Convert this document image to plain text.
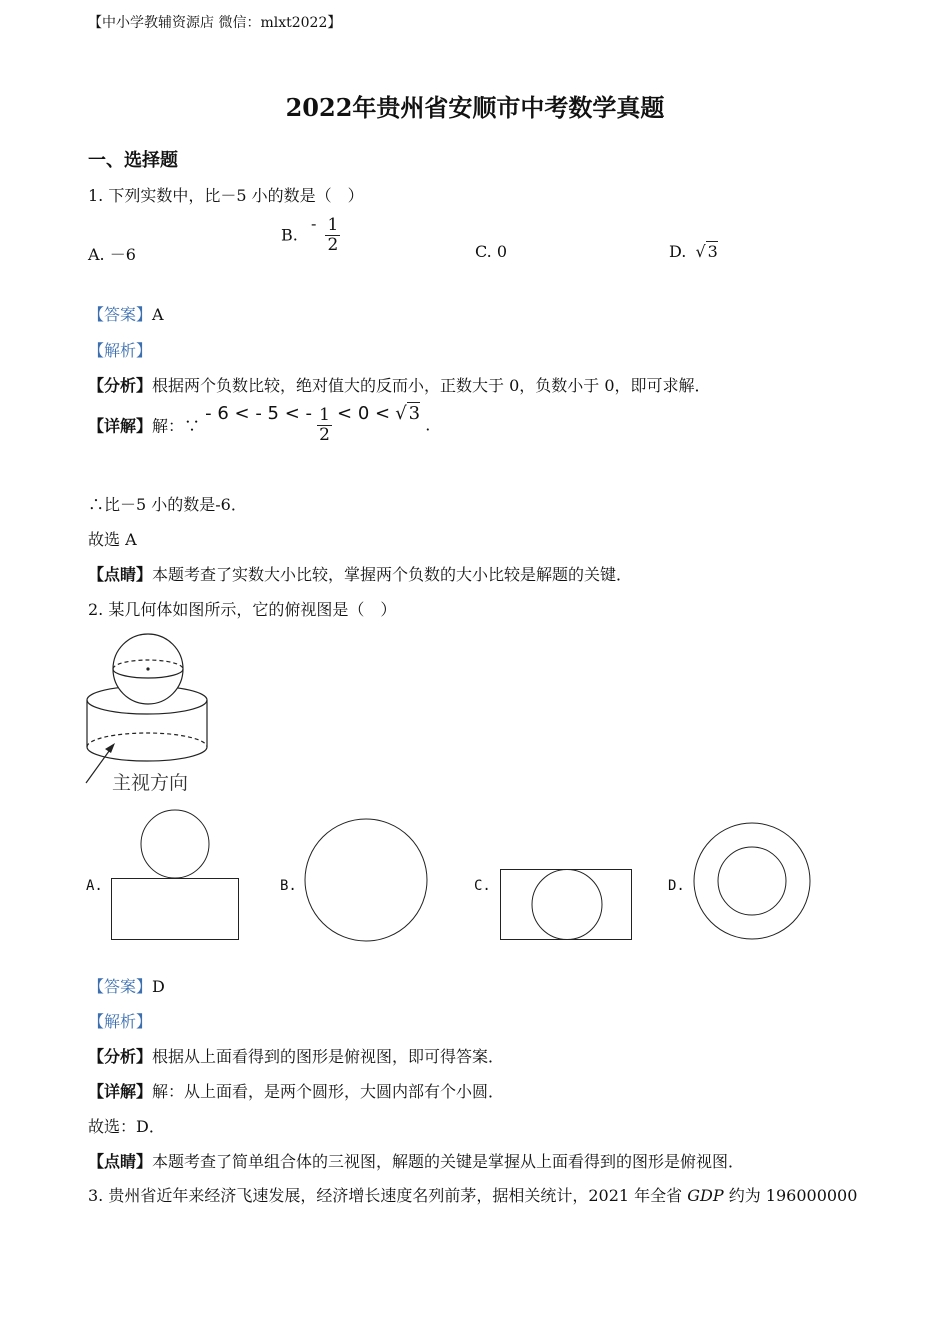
【中小学教辅资源店 微信：mlxt2022】
2022年贵州省安顺市中考数学真题
一、选择题
1. 下列实数中，比－5 小的数是（　）
A. －6
B. - $\frac{1}{2}$	C. 0	D. √ 3
【答案】A
【解析】
【分析】根据两个负数比较，绝对值大的反而小，正数大于 0，负数小于 0，即可求解．
【详解】解：∵ - 6 < - 5 < - $\frac{1}{2} < 0$ < √ 3 .
∴比－5 小的数是-6．
故选 A
【点睛】本题考查了实数大小比较，掌握两个负数的大小比较是解题的关键．
2. 某几何体如图所示，它的俯视图是（　）
主视方向
A.	B.	C.	D.
【答案】D
【解析】
【分析】根据从上面看得到的图形是俯视图，即可得答案．
【详解】解：从上面看，是两个圆形，大圆内部有个小圆．
故选：D．
【点睛】本题考查了简单组合体的三视图，解题的关键是掌握从上面看得到的图形是俯视图．
3. 贵州省近年来经济飞速发展，经济增长速度名列前茅，据相关统计，2021 年全省 GDP 约为 196000000
